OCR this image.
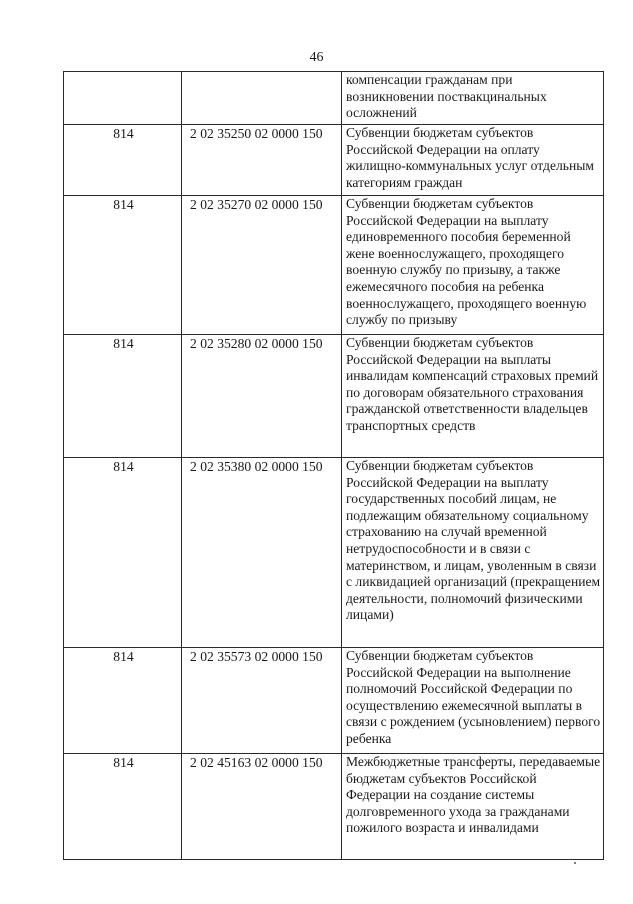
46
		компенсации гражданам при возникновении поствакцинальных осложнений
814	2 02 35250 02 0000 150	Субвенции бюджетам субъектов Российской Федерации на оплату жилищно-коммунальных услуг отдельным категориям граждан
814	2 02 35270 02 0000 150	Субвенции бюджетам субъектов Российской Федерации на выплату единовременного пособия беременной жене военнослужащего, проходящего военную службу по призыву, а также ежемесячного пособия на ребенка военнослужащего, проходящего военную службу по призыву
814	2 02 35280 02 0000 150	Субвенции бюджетам субъектов Российской Федерации на выплаты инвалидам компенсаций страховых премий по договорам обязательного страхования гражданской ответственности владельцев транспортных средств
814	2 02 35380 02 0000 150	Субвенции бюджетам субъектов Российской Федерации на выплату государственных пособий лицам, не подлежащим обязательному социальному страхованию на случай временной нетрудоспособности и в связи с материнством, и лицам, уволенным в связи с ликвидацией организаций (прекращением деятельности, полномочий физическими лицами)
814	2 02 35573 02 0000 150	Субвенции бюджетам субъектов Российской Федерации на выполнение полномочий Российской Федерации по осуществлению ежемесячной выплаты в связи с рождением (усыновлением) первого ребенка
814	2 02 45163 02 0000 150	Межбюджетные трансферты, передаваемые бюджетам субъектов Российской Федерации на создание системы долговременного ухода за гражданами пожилого возраста и инвалидами
